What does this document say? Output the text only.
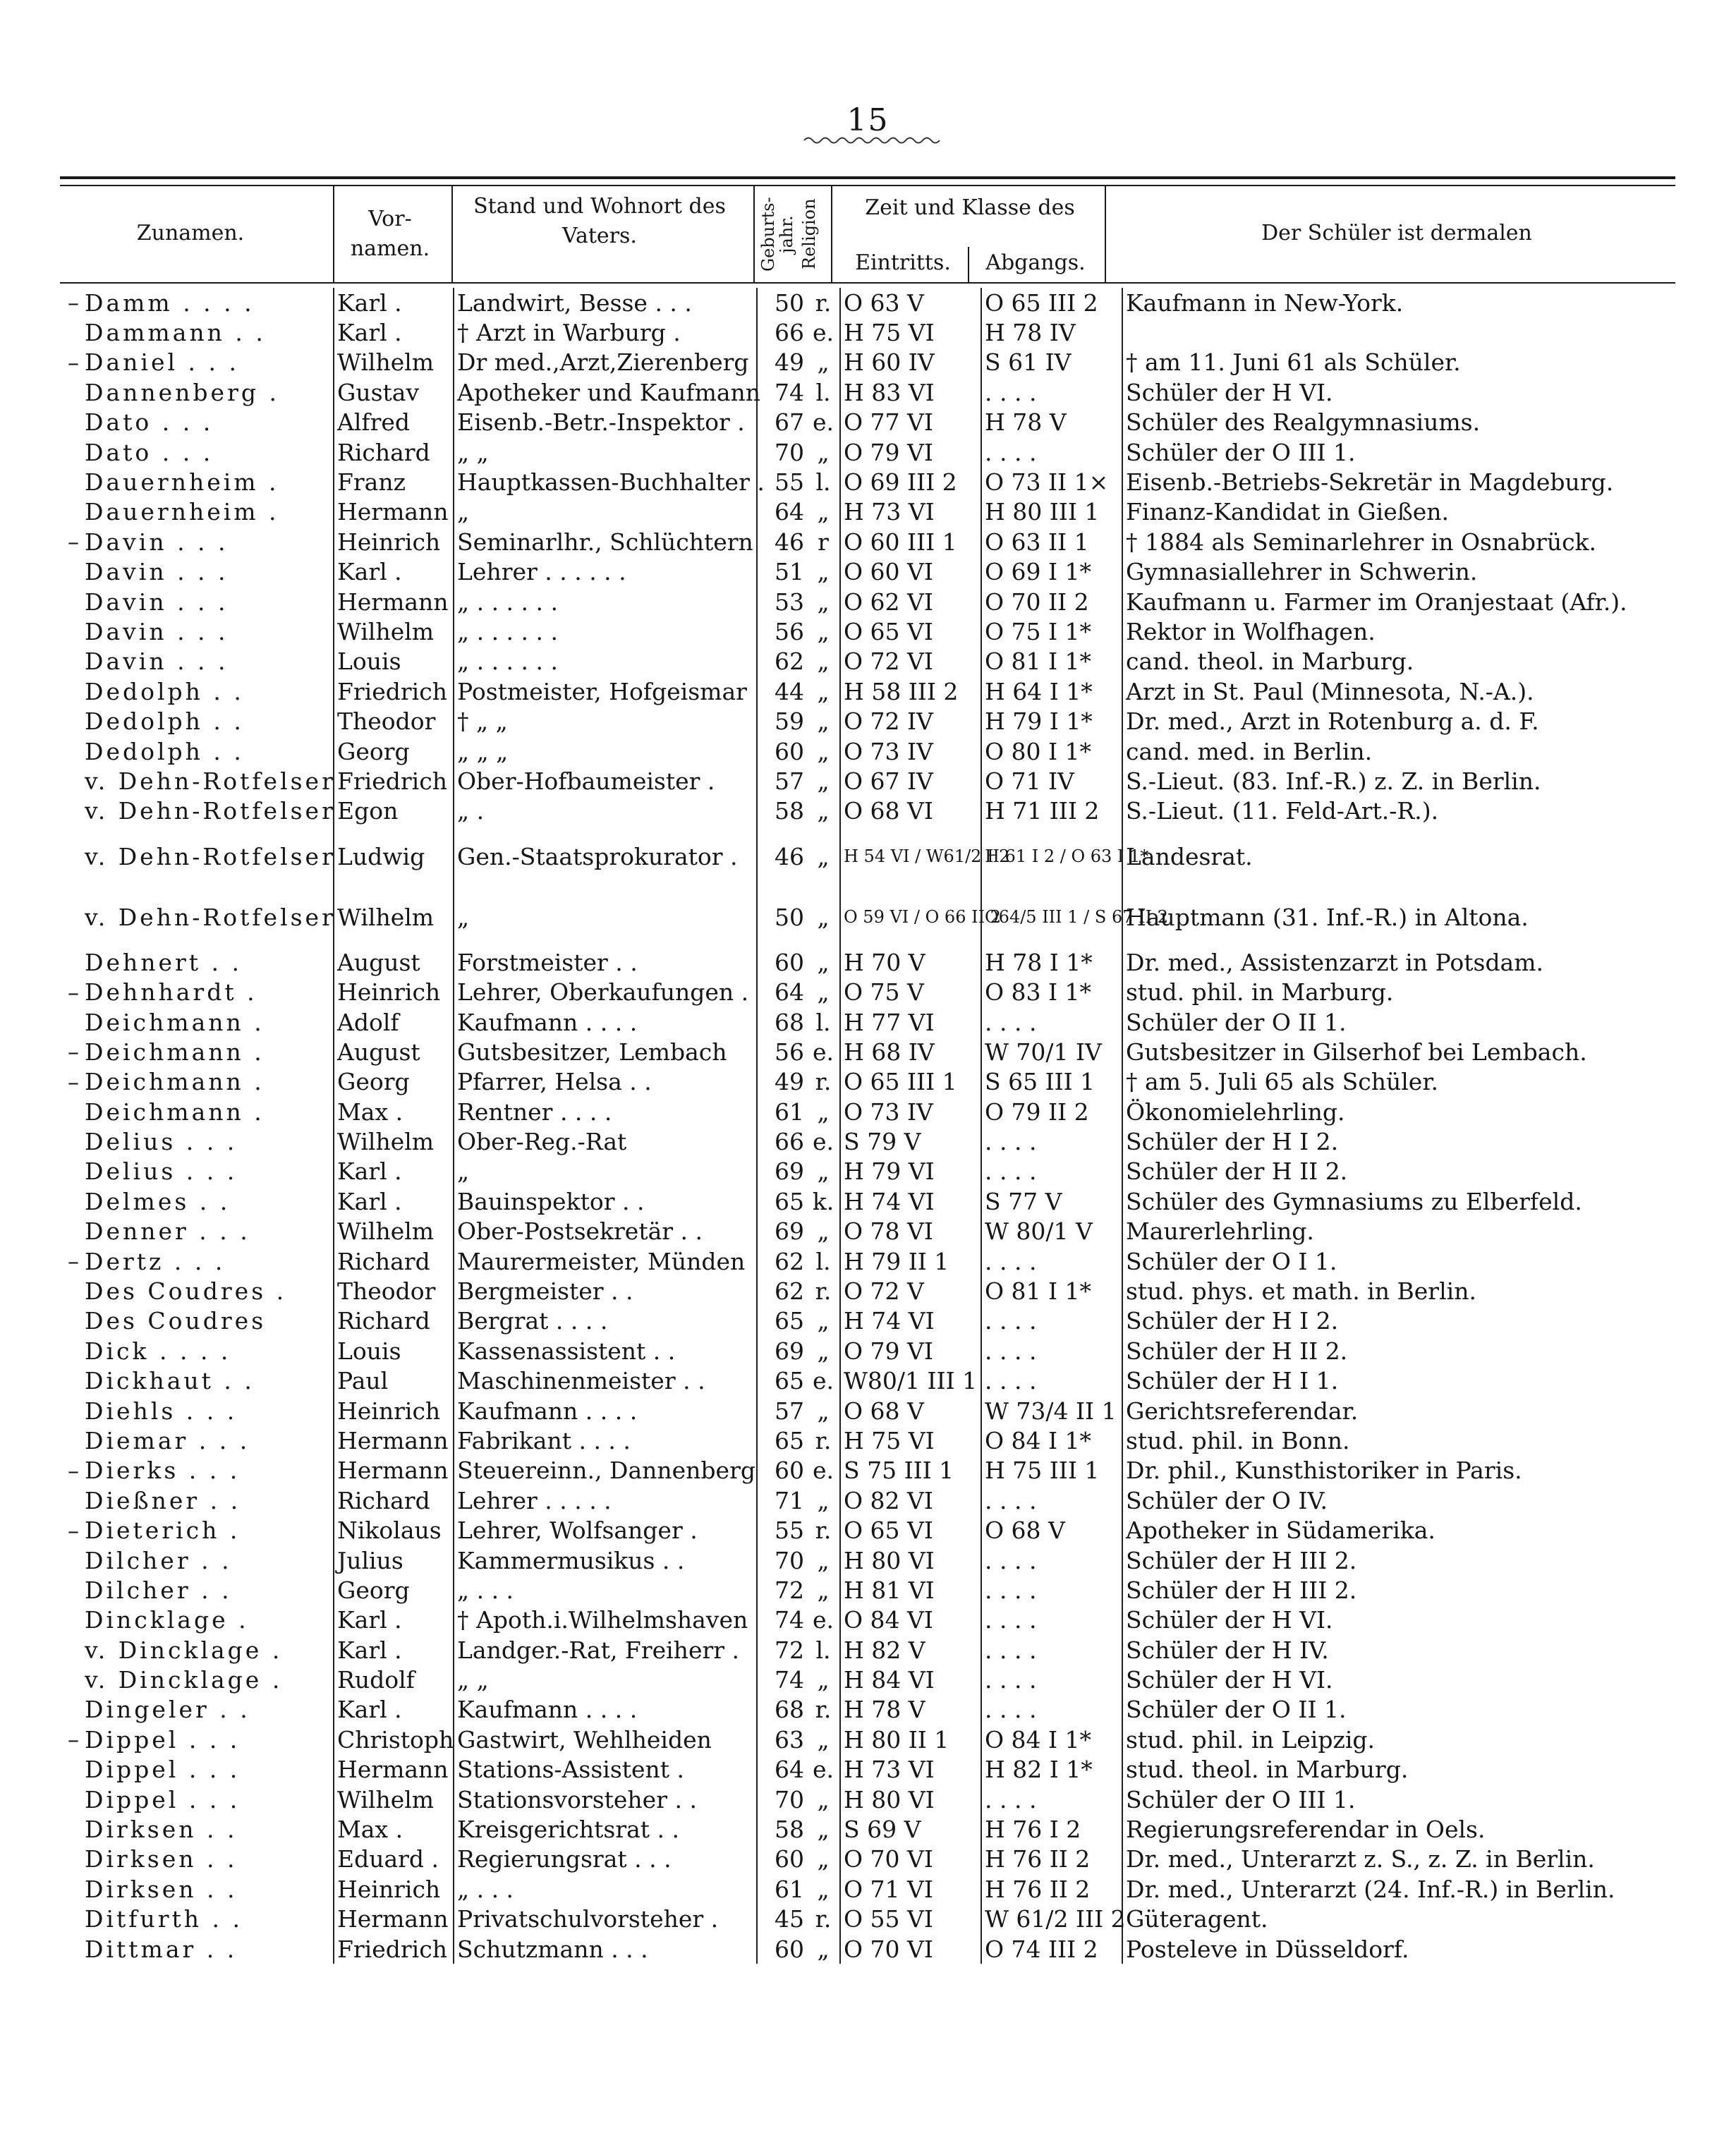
15
Zunamen.
Vor-namen.
Stand und Wohnort des Vaters.	Geburts-jahr. Religion	Zeit und Klasse des
Eintritts.	Abgangs.
Der Schüler ist dermalen
–	Damm . . . .	Karl .	Landwirt, Besse . . .	50	r.	O 63 V	O 65 III 2	Kaufmann in New-York.
	Dammann . .	Karl .	† Arzt in Warburg .	66	e.	H 75 VI	H 78 IV	
–	Daniel . . .	Wilhelm	Dr med.,Arzt,Zierenberg	49	„	H 60 IV	S 61 IV	† am 11. Juni 61 als Schüler.
	Dannenberg .	Gustav	Apotheker und Kaufmann	74	l.	H 83 VI	. . . .	Schüler der H VI.
	Dato . . .	Alfred	Eisenb.-Betr.-Inspektor .	67	e.	O 77 VI	H 78 V	Schüler des Realgymnasiums.
	Dato . . .	Richard	„ „	70	„	O 79 VI	. . . .	Schüler der O III 1.
	Dauernheim .	Franz	Hauptkassen-Buchhalter .	55	l.	O 69 III 2	O 73 II 1×	Eisenb.-Betriebs-Sekretär in Magdeburg.
	Dauernheim .	Hermann	„	64	„	H 73 VI	H 80 III 1	Finanz-Kandidat in Gießen.
–	Davin . . .	Heinrich	Seminarlhr., Schlüchtern	46	r	O 60 III 1	O 63 II 1	† 1884 als Seminarlehrer in Osnabrück.
	Davin . . .	Karl .	Lehrer . . . . . .	51	„	O 60 VI	O 69 I 1*	Gymnasiallehrer in Schwerin.
	Davin . . .	Hermann	„ . . . . . .	53	„	O 62 VI	O 70 II 2	Kaufmann u. Farmer im Oranjestaat (Afr.).
	Davin . . .	Wilhelm	„ . . . . . .	56	„	O 65 VI	O 75 I 1*	Rektor in Wolfhagen.
	Davin . . .	Louis	„ . . . . . .	62	„	O 72 VI	O 81 I 1*	cand. theol. in Marburg.
	Dedolph . .	Friedrich	Postmeister, Hofgeismar	44	„	H 58 III 2	H 64 I 1*	Arzt in St. Paul (Minnesota, N.-A.).
	Dedolph . .	Theodor	† „ „	59	„	O 72 IV	H 79 I 1*	Dr. med., Arzt in Rotenburg a. d. F.
	Dedolph . .	Georg	„ „ „	60	„	O 73 IV	O 80 I 1*	cand. med. in Berlin.
	v. Dehn-Rotfelser	Friedrich	Ober-Hofbaumeister .	57	„	O 67 IV	O 71 IV	S.-Lieut. (83. Inf.-R.) z. Z. in Berlin.
	v. Dehn-Rotfelser	Egon	„ .	58	„	O 68 VI	H 71 III 2	S.-Lieut. (11. Feld-Art.-R.).
	v. Dehn-Rotfelser	Ludwig	Gen.-Staatsprokurator .	46	„	H 54 VI / W61/2 I 2	H 61 I 2 / O 63 I 1*	Landesrat.
	v. Dehn-Rotfelser	Wilhelm	„	50	„	O 59 VI / O 66 II 2	O64/5 III 1 / S 67 II 2	Hauptmann (31. Inf.-R.) in Altona.
	Dehnert . .	August	Forstmeister . .	60	„	H 70 V	H 78 I 1*	Dr. med., Assistenzarzt in Potsdam.
–	Dehnhardt .	Heinrich	Lehrer, Oberkaufungen .	64	„	O 75 V	O 83 I 1*	stud. phil. in Marburg.
	Deichmann .	Adolf	Kaufmann . . . .	68	l.	H 77 VI	. . . .	Schüler der O II 1.
–	Deichmann .	August	Gutsbesitzer, Lembach	56	e.	H 68 IV	W 70/1 IV	Gutsbesitzer in Gilserhof bei Lembach.
–	Deichmann .	Georg	Pfarrer, Helsa . .	49	r.	O 65 III 1	S 65 III 1	† am 5. Juli 65 als Schüler.
	Deichmann .	Max .	Rentner . . . .	61	„	O 73 IV	O 79 II 2	Ökonomielehrling.
	Delius . . .	Wilhelm	Ober-Reg.-Rat	66	e.	S 79 V	. . . .	Schüler der H I 2.
	Delius . . .	Karl .	„	69	„	H 79 VI	. . . .	Schüler der H II 2.
	Delmes . .	Karl .	Bauinspektor . .	65	k.	H 74 VI	S 77 V	Schüler des Gymnasiums zu Elberfeld.
	Denner . . .	Wilhelm	Ober-Postsekretär . .	69	„	O 78 VI	W 80/1 V	Maurerlehrling.
–	Dertz . . .	Richard	Maurermeister, Münden	62	l.	H 79 II 1	. . . .	Schüler der O I 1.
	Des Coudres .	Theodor	Bergmeister . .	62	r.	O 72 V	O 81 I 1*	stud. phys. et math. in Berlin.
	Des Coudres	Richard	Bergrat . . . .	65	„	H 74 VI	. . . .	Schüler der H I 2.
	Dick . . . .	Louis	Kassenassistent . .	69	„	O 79 VI	. . . .	Schüler der H II 2.
	Dickhaut . .	Paul	Maschinenmeister . .	65	e.	W80/1 III 1	. . . .	Schüler der H I 1.
	Diehls . . .	Heinrich	Kaufmann . . . .	57	„	O 68 V	W 73/4 II 1	Gerichtsreferendar.
	Diemar . . .	Hermann	Fabrikant . . . .	65	r.	H 75 VI	O 84 I 1*	stud. phil. in Bonn.
–	Dierks . . .	Hermann	Steuereinn., Dannenberg	60	e.	S 75 III 1	H 75 III 1	Dr. phil., Kunsthistoriker in Paris.
	Dießner . .	Richard	Lehrer . . . . .	71	„	O 82 VI	. . . .	Schüler der O IV.
–	Dieterich .	Nikolaus	Lehrer, Wolfsanger .	55	r.	O 65 VI	O 68 V	Apotheker in Südamerika.
	Dilcher . .	Julius	Kammermusikus . .	70	„	H 80 VI	. . . .	Schüler der H III 2.
	Dilcher . .	Georg	„ . . .	72	„	H 81 VI	. . . .	Schüler der H III 2.
	Dincklage .	Karl .	† Apoth.i.Wilhelmshaven	74	e.	O 84 VI	. . . .	Schüler der H VI.
	v. Dincklage .	Karl .	Landger.-Rat, Freiherr .	72	l.	H 82 V	. . . .	Schüler der H IV.
	v. Dincklage .	Rudolf	„ „	74	„	H 84 VI	. . . .	Schüler der H VI.
	Dingeler . .	Karl .	Kaufmann . . . .	68	r.	H 78 V	. . . .	Schüler der O II 1.
–	Dippel . . .	Christoph	Gastwirt, Wehlheiden	63	„	H 80 II 1	O 84 I 1*	stud. phil. in Leipzig.
	Dippel . . .	Hermann	Stations-Assistent .	64	e.	H 73 VI	H 82 I 1*	stud. theol. in Marburg.
	Dippel . . .	Wilhelm	Stationsvorsteher . .	70	„	H 80 VI	. . . .	Schüler der O III 1.
	Dirksen . .	Max .	Kreisgerichtsrat . .	58	„	S 69 V	H 76 I 2	Regierungsreferendar in Oels.
	Dirksen . .	Eduard .	Regierungsrat . . .	60	„	O 70 VI	H 76 II 2	Dr. med., Unterarzt z. S., z. Z. in Berlin.
	Dirksen . .	Heinrich	„ . . .	61	„	O 71 VI	H 76 II 2	Dr. med., Unterarzt (24. Inf.-R.) in Berlin.
	Ditfurth . .	Hermann	Privatschulvorsteher .	45	r.	O 55 VI	W 61/2 III 2	Güteragent.
	Dittmar . .	Friedrich	Schutzmann . . .	60	„	O 70 VI	O 74 III 2	Posteleve in Düsseldorf.
